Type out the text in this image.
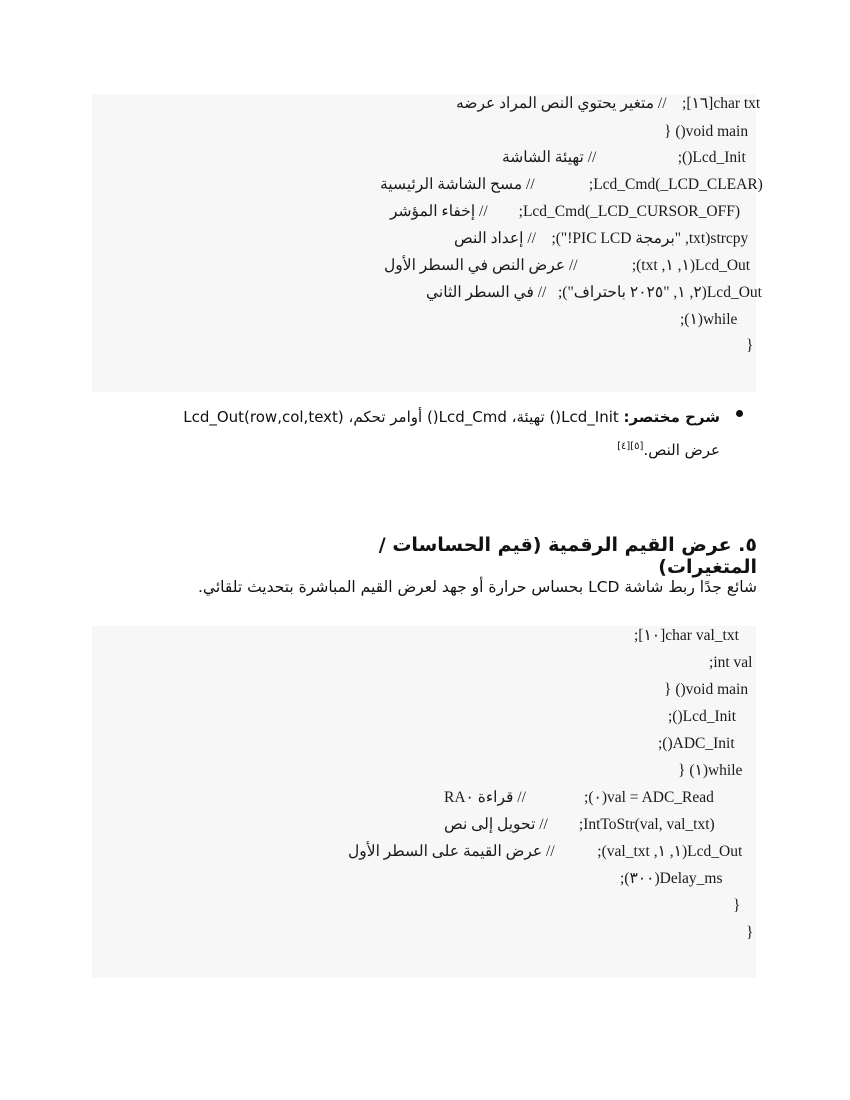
char txt[١٦];    // متغير يحتوي النص المراد عرضه
void main() {
Lcd_Init();                     // تهيئة الشاشة
Lcd_Cmd(_LCD_CLEAR);              // مسح الشاشة الرئيسية
Lcd_Cmd(_LCD_CURSOR_OFF);        // إخفاء المؤشر
strcpy(txt, "برمجة PIC LCD!");    // إعداد النص
Lcd_Out(١, ١, txt);              // عرض النص في السطر الأول
Lcd_Out(٢, ١, "٢٠٢٥ باحتراف");   // في السطر الثاني
while(١);
}
شرح مختصر: Lcd_Init() تهيئة، Lcd_Cmd() أوامر تحكم، Lcd_Out(row,col,text) عرض النص.[٥][٤]
٥. عرض القيم الرقمية (قيم الحساسات / المتغيرات)
شائع جدًا ربط شاشة LCD بحساس حرارة أو جهد لعرض القيم المباشرة بتحديث تلقائي.
char val_txt[١٠];
int val;
void main() {
Lcd_Init();
ADC_Init();
while(١) {
val = ADC_Read(٠);               // قراءة RA٠
IntToStr(val, val_txt);        // تحويل إلى نص
Lcd_Out(١, ١, val_txt);           // عرض القيمة على السطر الأول
Delay_ms(٣٠٠);
}
}
